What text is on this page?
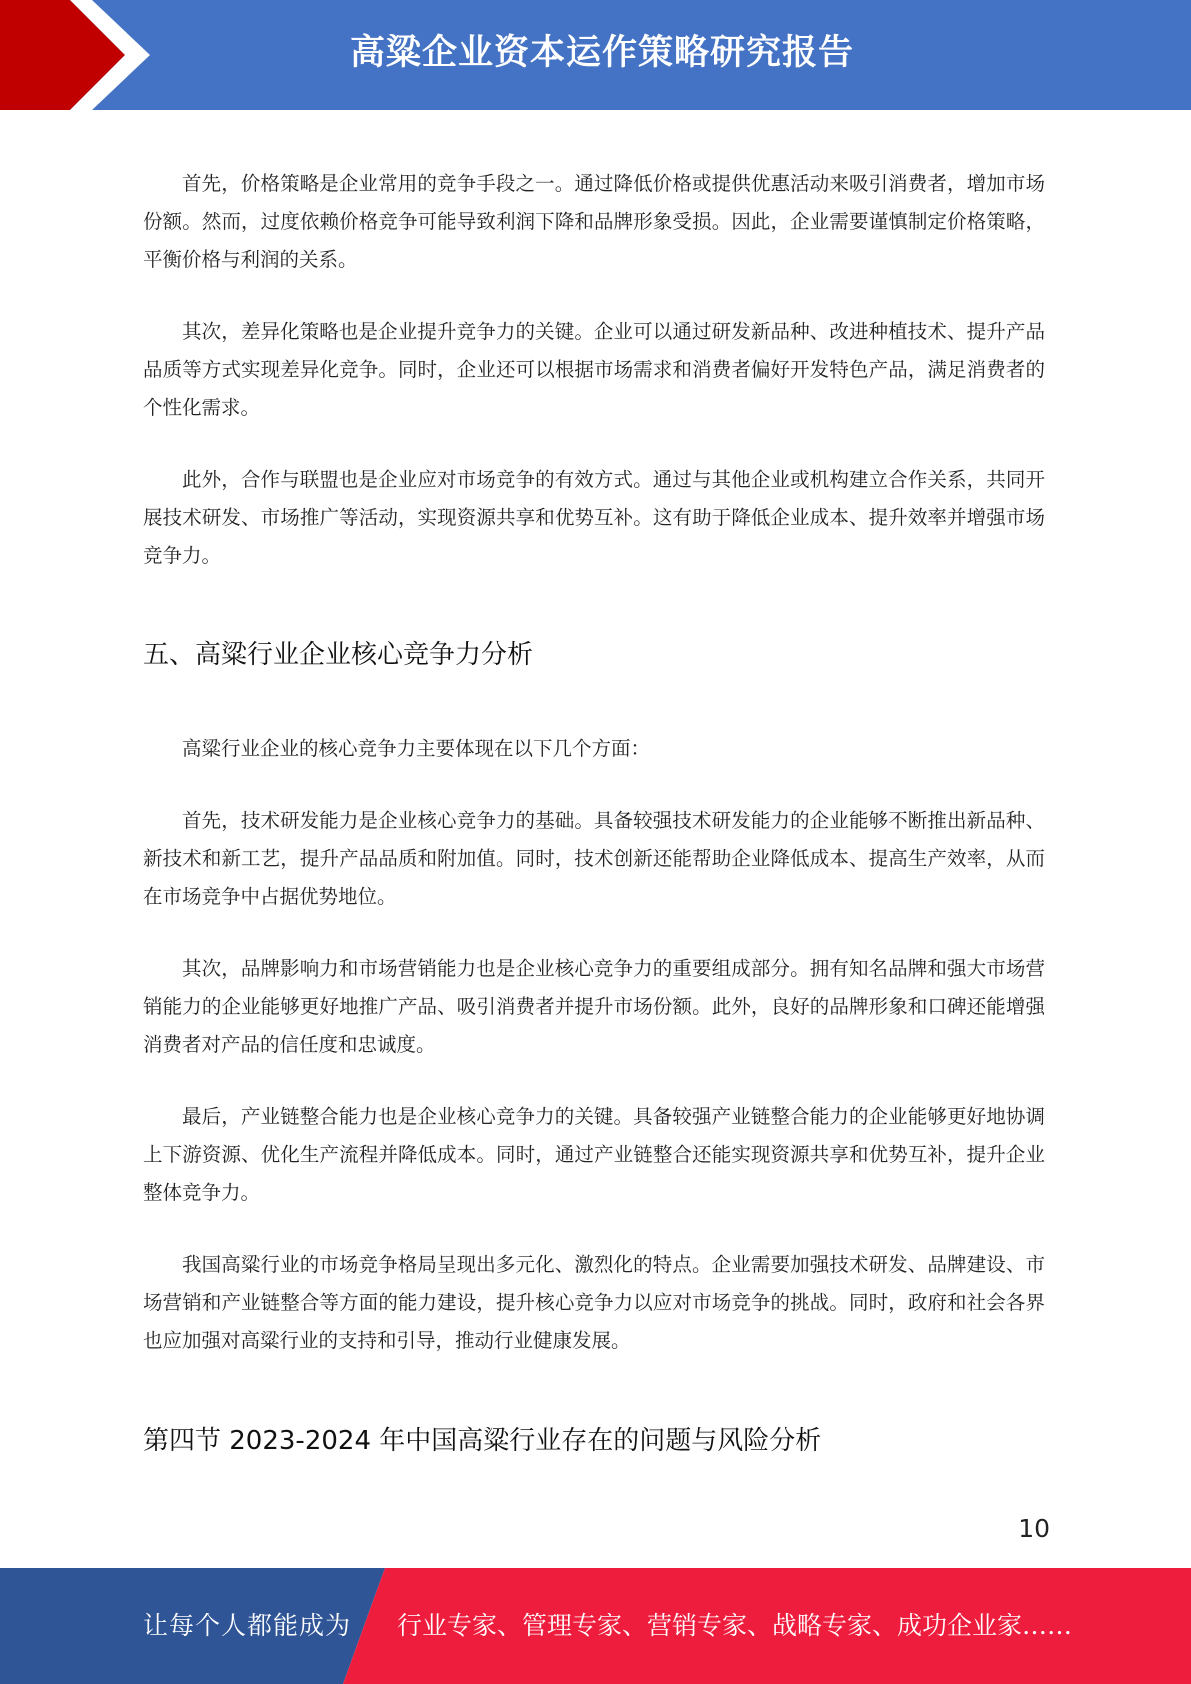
高粱企业资本运作策略研究报告

首先，价格策略是企业常用的竞争手段之一。通过降低价格或提供优惠活动来吸引消费者，增加市场份额。然而，过度依赖价格竞争可能导致利润下降和品牌形象受损。因此，企业需要谨慎制定价格策略，平衡价格与利润的关系。

其次，差异化策略也是企业提升竞争力的关键。企业可以通过研发新品种、改进种植技术、提升产品品质等方式实现差异化竞争。同时，企业还可以根据市场需求和消费者偏好开发特色产品，满足消费者的个性化需求。

此外，合作与联盟也是企业应对市场竞争的有效方式。通过与其他企业或机构建立合作关系，共同开展技术研发、市场推广等活动，实现资源共享和优势互补。这有助于降低企业成本、提升效率并增强市场竞争力。

五、高粱行业企业核心竞争力分析

高粱行业企业的核心竞争力主要体现在以下几个方面：

首先，技术研发能力是企业核心竞争力的基础。具备较强技术研发能力的企业能够不断推出新品种、新技术和新工艺，提升产品品质和附加值。同时，技术创新还能帮助企业降低成本、提高生产效率，从而在市场竞争中占据优势地位。

其次，品牌影响力和市场营销能力也是企业核心竞争力的重要组成部分。拥有知名品牌和强大市场营销能力的企业能够更好地推广产品、吸引消费者并提升市场份额。此外，良好的品牌形象和口碑还能增强消费者对产品的信任度和忠诚度。

最后，产业链整合能力也是企业核心竞争力的关键。具备较强产业链整合能力的企业能够更好地协调上下游资源、优化生产流程并降低成本。同时，通过产业链整合还能实现资源共享和优势互补，提升企业整体竞争力。

我国高粱行业的市场竞争格局呈现出多元化、激烈化的特点。企业需要加强技术研发、品牌建设、市场营销和产业链整合等方面的能力建设，提升核心竞争力以应对市场竞争的挑战。同时，政府和社会各界也应加强对高粱行业的支持和引导，推动行业健康发展。

第四节 2023-2024 年中国高粱行业存在的问题与风险分析
10
让每个人都能成为 行业专家、管理专家、营销专家、战略专家、成功企业家……
